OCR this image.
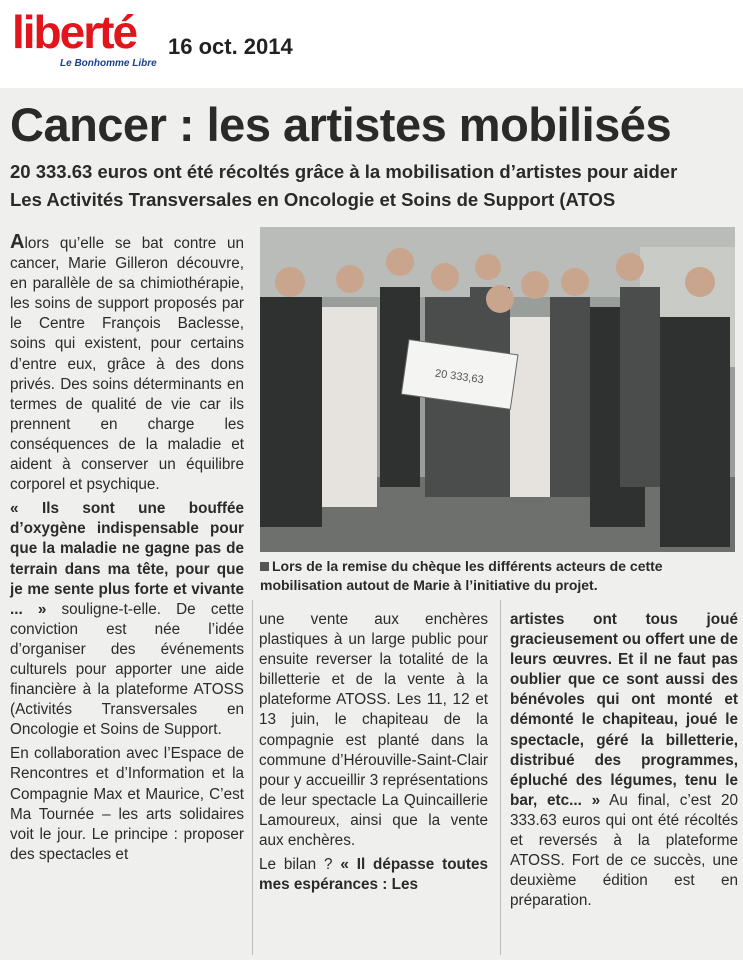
liberté
Le Bonhomme Libre
16 oct. 2014
Cancer : les artistes mobilisés
20 333.63 euros ont été récoltés grâce à la mobilisation d’artistes pour aider
Les Activités Transversales en Oncologie et Soins de Support (ATOS

Alors qu’elle se bat contre un cancer, Marie Gilleron découvre, en parallèle de sa chimiothérapie, les soins de support proposés par le Centre François Baclesse, soins qui existent, pour certains d’entre eux, grâce à des dons privés. Des soins déterminants en termes de qualité de vie car ils prennent en charge les conséquences de la maladie et aident à conserver un équilibre corporel et psychique.

« Ils sont une bouffée d’oxygène indispensable pour que la maladie ne gagne pas de terrain dans ma tête, pour que je me sente plus forte et vivante ... » souligne-t-elle. De cette conviction est née l’idée d’organiser des événements culturels pour apporter une aide financière à la plateforme ATOSS (Activités Transversales en Oncologie et Soins de Support.

En collaboration avec l’Espace de Rencontres et d’Information et la Compagnie Max et Maurice, C’est Ma Tournée – les arts solidaires voit le jour. Le principe : proposer des spectacles et

20 333,63
Lors de la remise du chèque les différents acteurs de cette mobilisation autout de Marie à l’initiative du projet.

une vente aux enchères plastiques à un large public pour ensuite reverser la totalité de la billetterie et de la vente à la plateforme ATOSS. Les 11, 12 et 13 juin, le chapiteau de la compagnie est planté dans la commune d’Hérouville-Saint-Clair pour y accueillir 3 représentations de leur spectacle La Quincaillerie Lamoureux, ainsi que la vente aux enchères.

Le bilan ? « Il dépasse toutes mes espérances : Les

artistes ont tous joué gracieusement ou offert une de leurs œuvres. Et il ne faut pas oublier que ce sont aussi des bénévoles qui ont monté et démonté le chapiteau, joué le spectacle, géré la billetterie, distribué des programmes, épluché des légumes, tenu le bar, etc... » Au final, c’est 20 333.63 euros qui ont été récoltés et reversés à la plateforme ATOSS. Fort de ce succès, une deuxième édition est en préparation.
